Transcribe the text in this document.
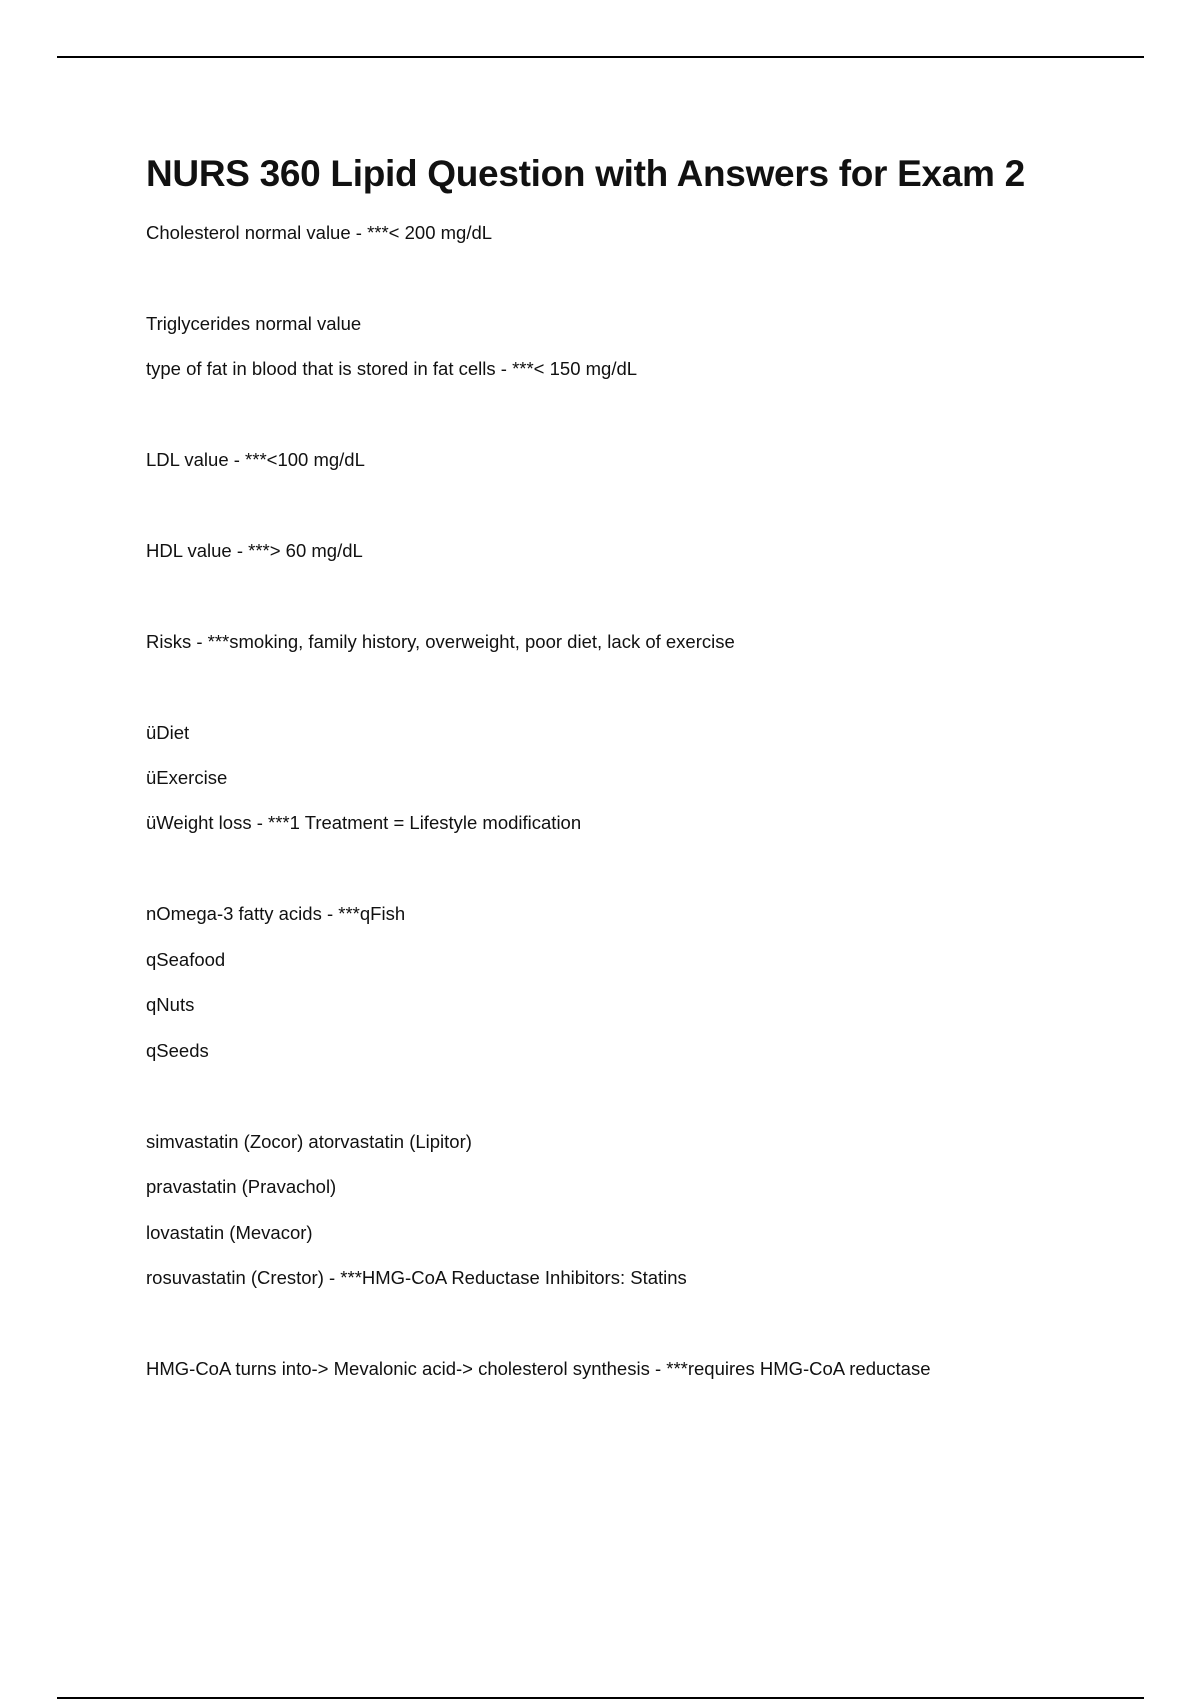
NURS 360 Lipid Question with Answers for Exam 2
Cholesterol normal value - ***< 200 mg/dL
Triglycerides normal value
type of fat in blood that is stored in fat cells - ***< 150 mg/dL
LDL value - ***<100 mg/dL
HDL value - ***> 60 mg/dL
Risks - ***smoking, family history, overweight, poor diet, lack of exercise
üDiet
üExercise
üWeight loss - ***1 Treatment = Lifestyle modification
nOmega-3 fatty acids - ***qFish
qSeafood
qNuts
qSeeds
simvastatin (Zocor) atorvastatin (Lipitor)
pravastatin (Pravachol)
lovastatin (Mevacor)
rosuvastatin (Crestor) - ***HMG-CoA Reductase Inhibitors: Statins
HMG-CoA turns into-> Mevalonic acid-> cholesterol synthesis - ***requires HMG-CoA reductase
